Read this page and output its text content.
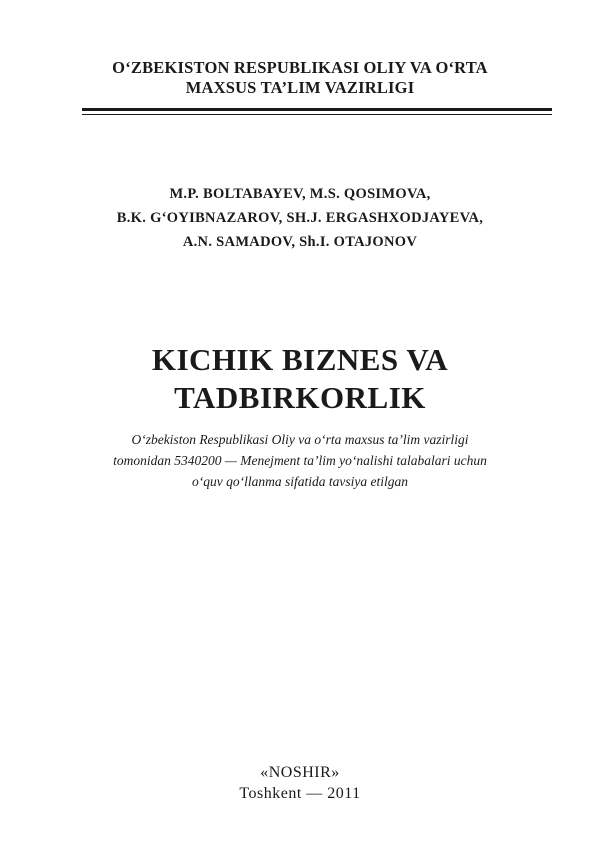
O‘ZBEKISTON RESPUBLIKASI OLIY VA O‘RTA
MAXSUS TA’LIM VAZIRLIGI
M.P. BOLTABAYEV, M.S. QOSIMOVA,
B.K. G‘OYIBNAZAROV, SH.J. ERGASHXODJAYEVA,
A.N. SAMADOV, Sh.I. OTAJONOV
KICHIK BIZNES VA
TADBIRKORLIK
O‘zbekiston Respublikasi Oliy va o‘rta maxsus ta’lim vazirligi
tomonidan 5340200 — Menejment ta’lim yo‘nalishi talabalari uchun
o‘quv qo‘llanma sifatida tavsiya etilgan
«NOSHIR»
Toshkent — 2011
